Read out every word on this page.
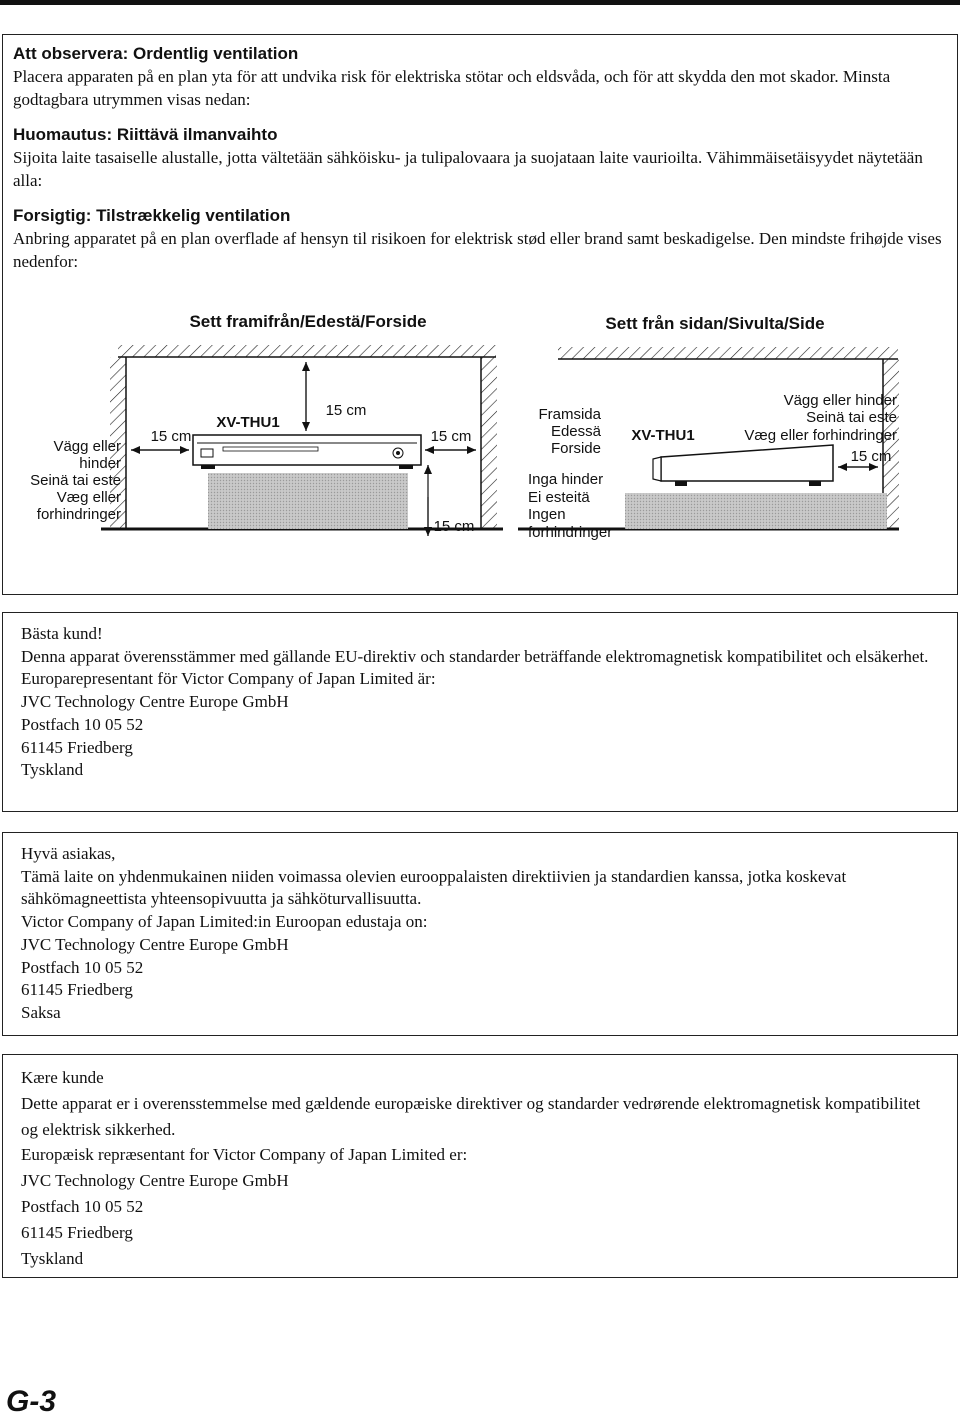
Att observera: Ordentlig ventilation

Placera apparaten på en plan yta för att undvika risk för elektriska stötar och eldsvåda, och för att skydda den mot skador. Minsta godtagbara utrymmen visas nedan:

Huomautus: Riittävä ilmanvaihto

Sijoita laite tasaiselle alustalle, jotta vältetään sähköisku- ja tulipalovaara ja suojataan laite vaurioilta. Vähimmäisetäisyydet näytetään alla:

Forsigtig: Tilstrækkelig ventilation

Anbring apparatet på en plan overflade af hensyn til risikoen for elektrisk stød eller brand samt beskadigelse. Den mindste frihøjde vises nedenfor:

Sett framifrån/Edestä/Forside
XV-THU1
15 cm
15 cm
15 cm
15 cm
Vägg eller
hinder
Seinä tai este
Væg eller
forhindringer
Sett från sidan/Sivulta/Side
XV-THU1
15 cm
Framsida
Edessä
Forside
Inga hinder
Ei esteitä
Ingen
forhindringer
Vägg eller hinder
Seinä tai este
Væg eller forhindringer

Bästa kund!

Denna apparat överensstämmer med gällande EU-direktiv och standarder beträffande elektromagnetisk kompatibilitet och elsäkerhet.

Europarepresentant för Victor Company of Japan Limited är:

JVC Technology Centre Europe GmbH

Postfach 10 05 52

61145 Friedberg

Tyskland

Hyvä asiakas,

Tämä laite on yhdenmukainen niiden voimassa olevien eurooppalaisten direktiivien ja standardien kanssa, jotka koskevat sähkömagneettista yhteensopivuutta ja sähköturvallisuutta.

Victor Company of Japan Limited:in Euroopan edustaja on:

JVC Technology Centre Europe GmbH

Postfach 10 05 52

61145 Friedberg

Saksa

Kære kunde

Dette apparat er i overensstemmelse med gældende europæiske direktiver og standarder vedrørende elektromagnetisk kompatibilitet og elektrisk sikkerhed.

Europæisk repræsentant for Victor Company of Japan Limited er:

JVC Technology Centre Europe GmbH

Postfach 10 05 52

61145 Friedberg

Tyskland

G-3
